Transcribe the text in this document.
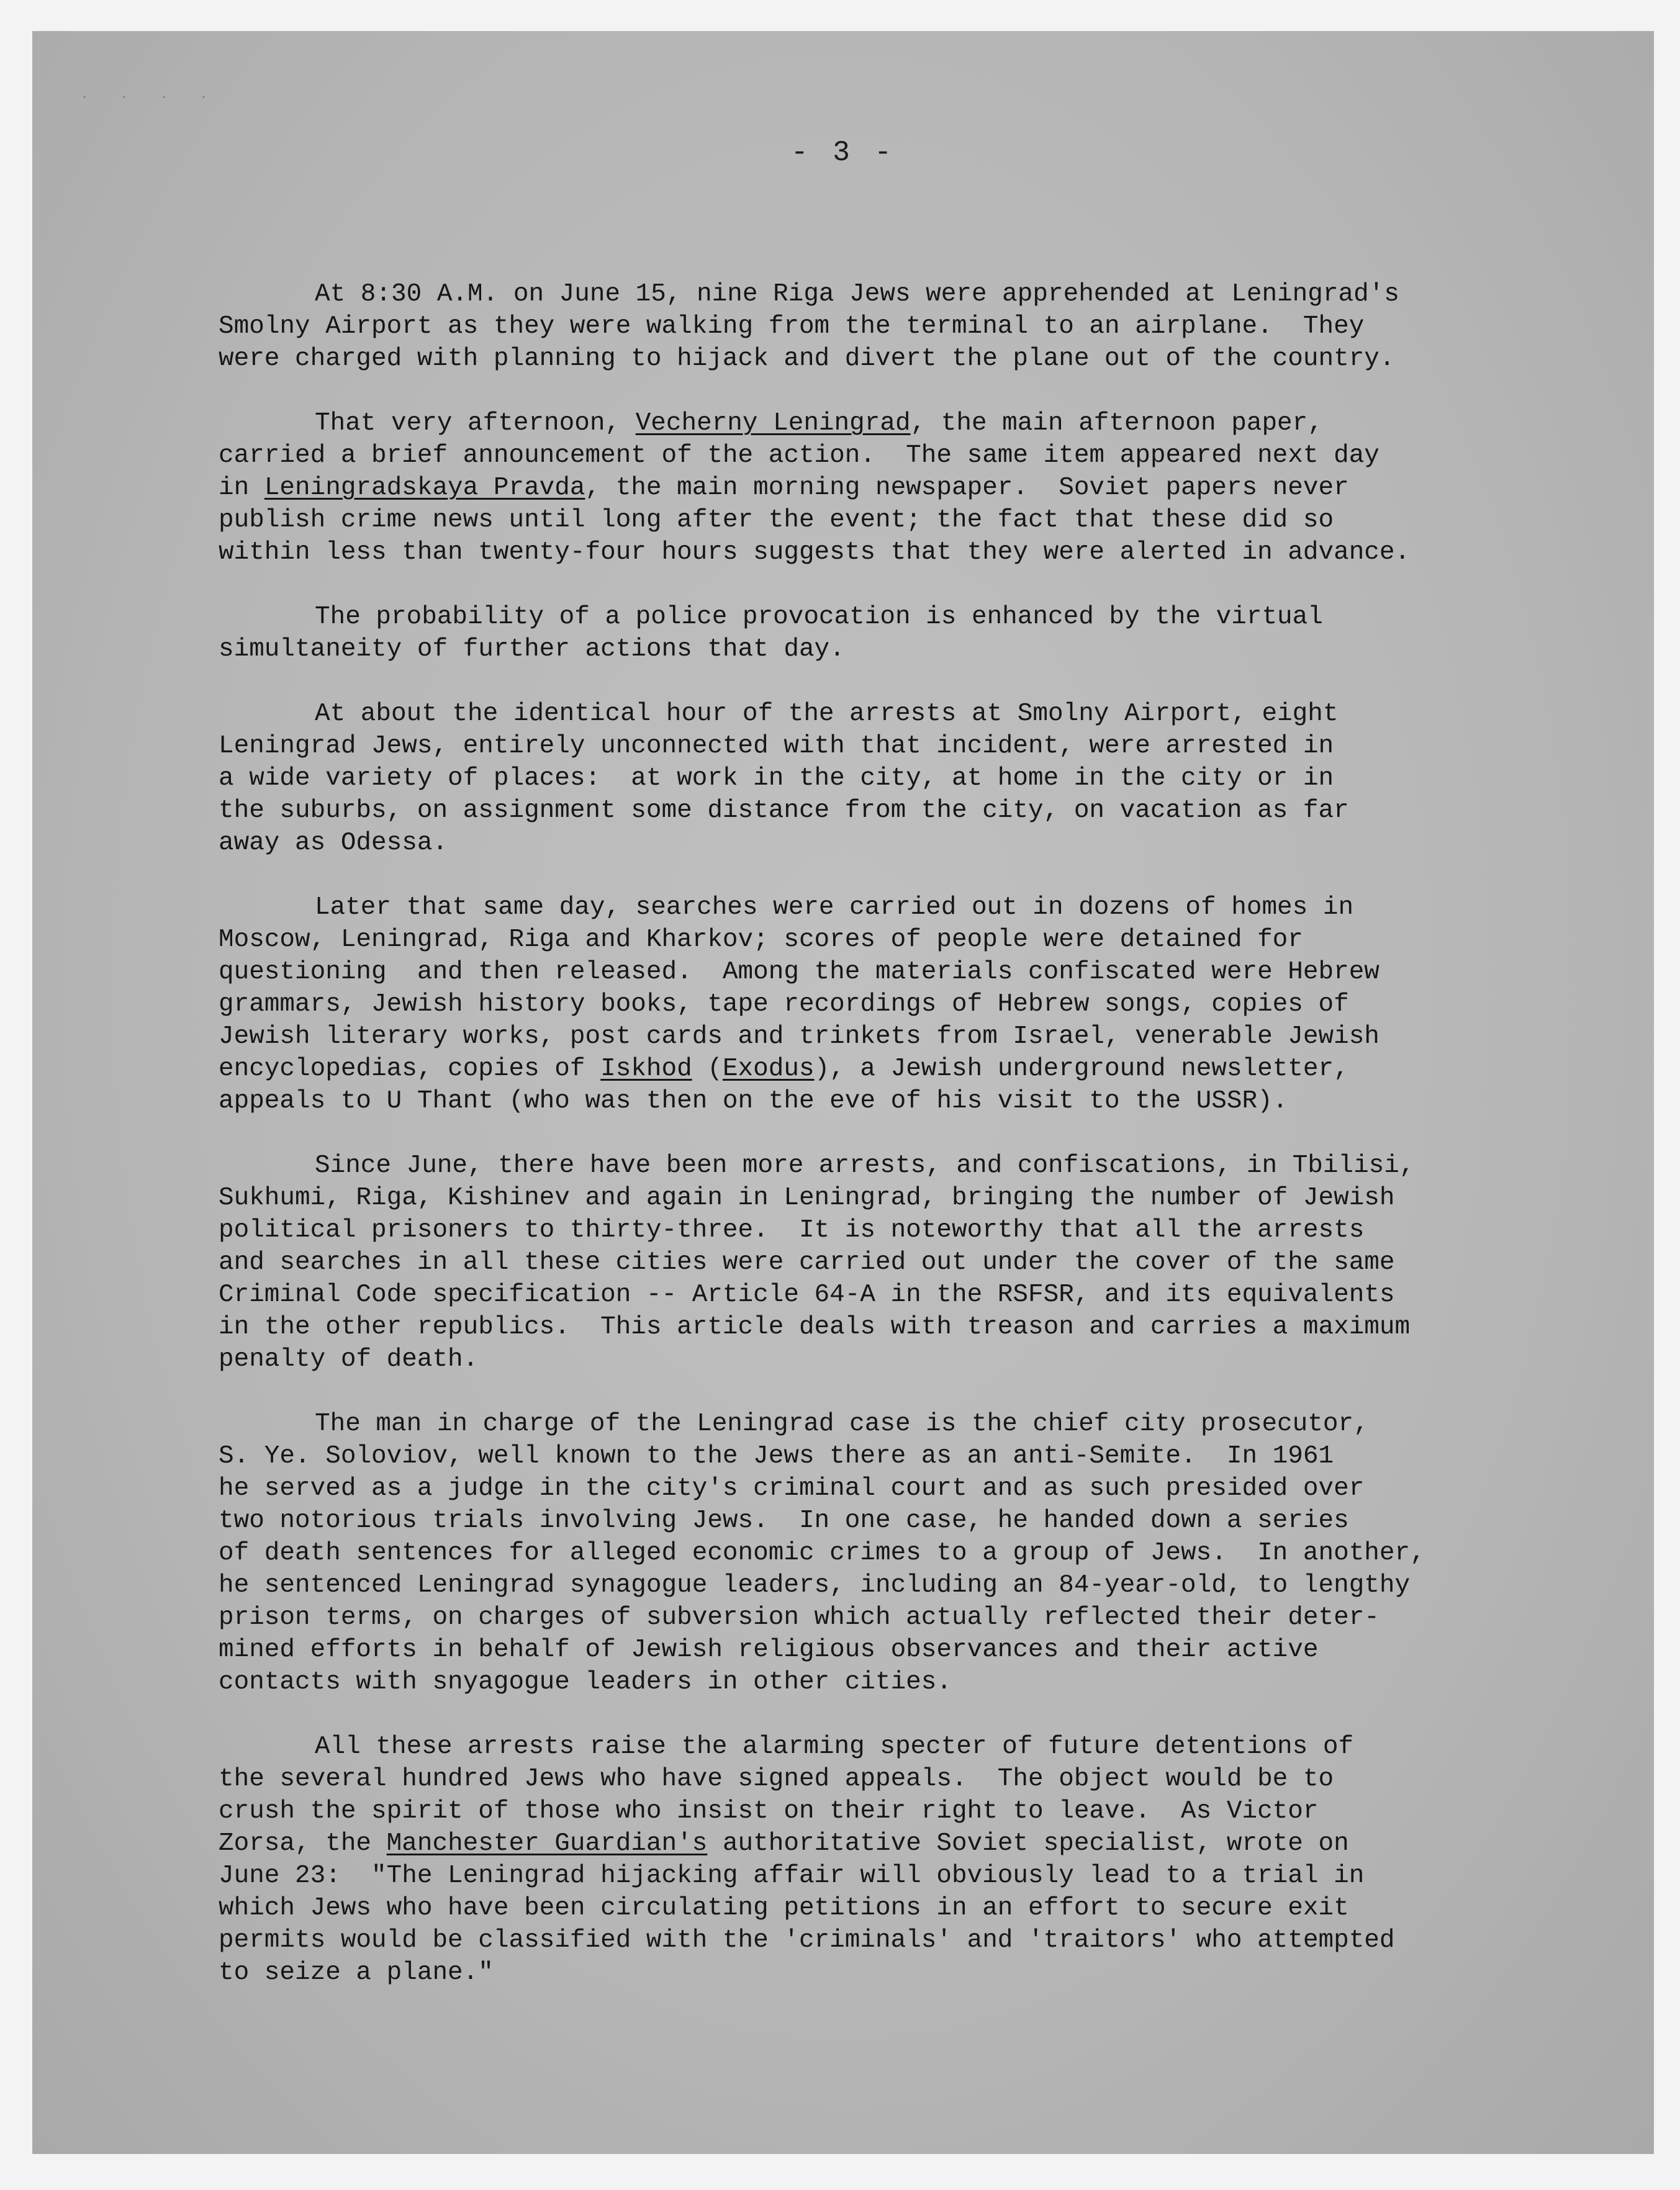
. . . .
- 3 -
At 8:30 A.M. on June 15, nine Riga Jews were apprehended at Leningrad's
Smolny Airport as they were walking from the terminal to an airplane.  They
were charged with planning to hijack and divert the plane out of the country.
That very afternoon, Vecherny Leningrad, the main afternoon paper,
carried a brief announcement of the action.  The same item appeared next day
in Leningradskaya Pravda, the main morning newspaper.  Soviet papers never
publish crime news until long after the event; the fact that these did so
within less than twenty-four hours suggests that they were alerted in advance.
The probability of a police provocation is enhanced by the virtual
simultaneity of further actions that day.
At about the identical hour of the arrests at Smolny Airport, eight
Leningrad Jews, entirely unconnected with that incident, were arrested in
a wide variety of places:  at work in the city, at home in the city or in
the suburbs, on assignment some distance from the city, on vacation as far
away as Odessa.
Later that same day, searches were carried out in dozens of homes in
Moscow, Leningrad, Riga and Kharkov; scores of people were detained for
questioning  and then released.  Among the materials confiscated were Hebrew
grammars, Jewish history books, tape recordings of Hebrew songs, copies of
Jewish literary works, post cards and trinkets from Israel, venerable Jewish
encyclopedias, copies of Iskhod (Exodus), a Jewish underground newsletter,
appeals to U Thant (who was then on the eve of his visit to the USSR).
Since June, there have been more arrests, and confiscations, in Tbilisi,
Sukhumi, Riga, Kishinev and again in Leningrad, bringing the number of Jewish
political prisoners to thirty-three.  It is noteworthy that all the arrests
and searches in all these cities were carried out under the cover of the same
Criminal Code specification -- Article 64-A in the RSFSR, and its equivalents
in the other republics.  This article deals with treason and carries a maximum
penalty of death.
The man in charge of the Leningrad case is the chief city prosecutor,
S. Ye. Soloviov, well known to the Jews there as an anti-Semite.  In 1961
he served as a judge in the city's criminal court and as such presided over
two notorious trials involving Jews.  In one case, he handed down a series
of death sentences for alleged economic crimes to a group of Jews.  In another,
he sentenced Leningrad synagogue leaders, including an 84-year-old, to lengthy
prison terms, on charges of subversion which actually reflected their deter-
mined efforts in behalf of Jewish religious observances and their active
contacts with snyagogue leaders in other cities.
All these arrests raise the alarming specter of future detentions of
the several hundred Jews who have signed appeals.  The object would be to
crush the spirit of those who insist on their right to leave.  As Victor
Zorsa, the Manchester Guardian's authoritative Soviet specialist, wrote on
June 23:  "The Leningrad hijacking affair will obviously lead to a trial in
which Jews who have been circulating petitions in an effort to secure exit
permits would be classified with the 'criminals' and 'traitors' who attempted
to seize a plane."
